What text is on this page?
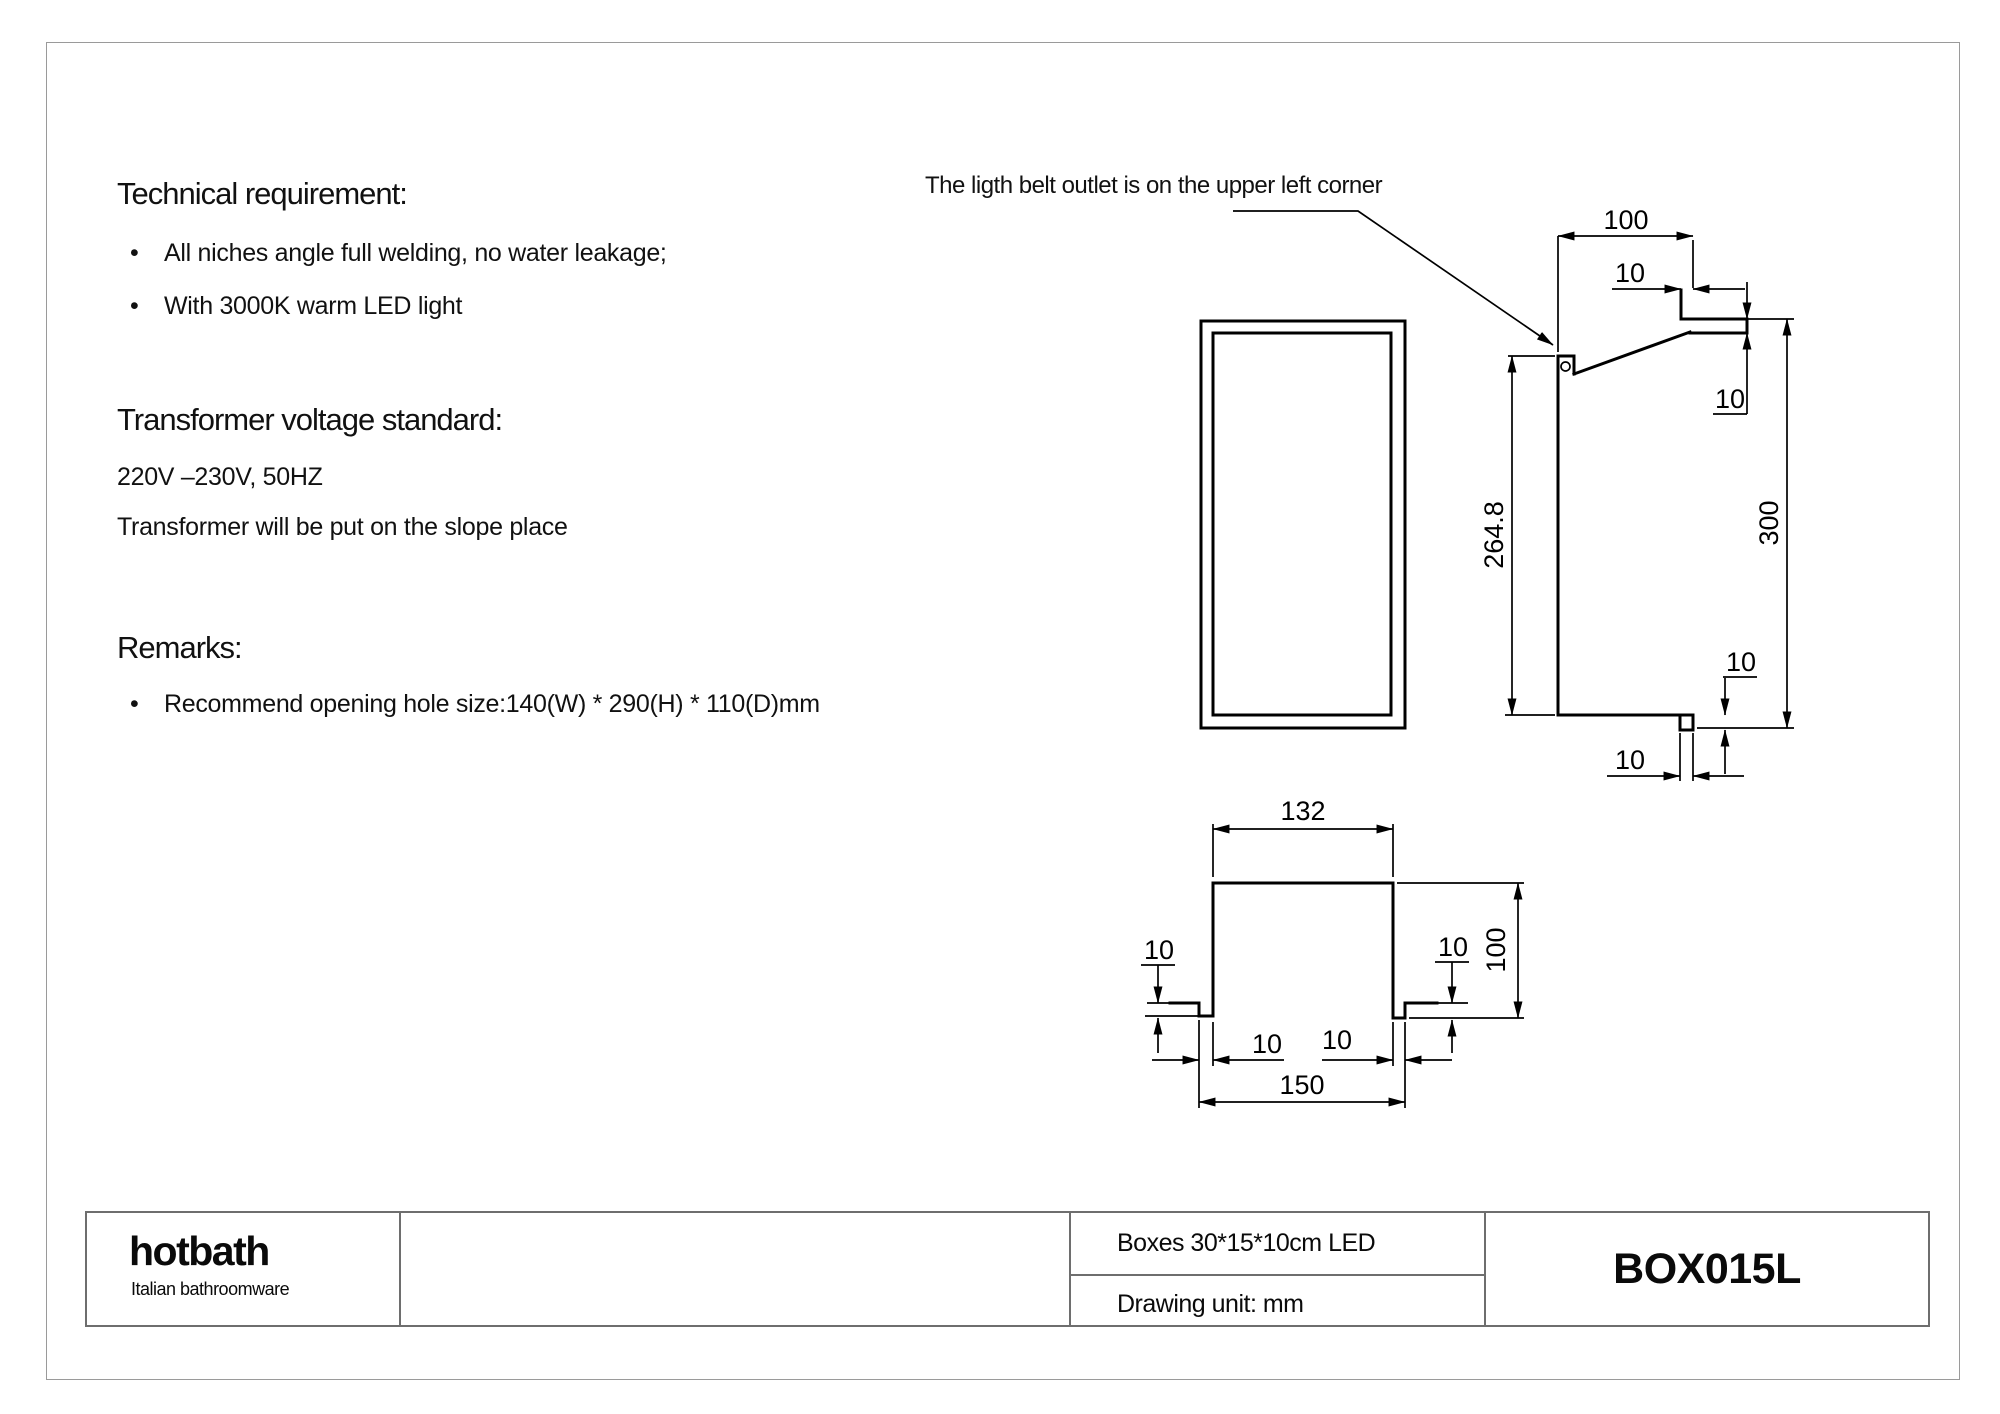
Technical requirement:
• All niches angle full welding, no water leakage;
• With 3000K warm LED light
Transformer voltage standard:
220V –230V, 50HZ
Transformer will be put on the slope place
Remarks:
• Recommend opening hole size:140(W) * 290(H) * 110(D)mm
The ligth belt outlet is on the upper left corner
100
10
10
300
264.8
10
10
132
100
10	10
10 10
150
hotbath
Italian bathroomware
Boxes 30*15*10cm LED
Drawing unit: mm
BOX015L
